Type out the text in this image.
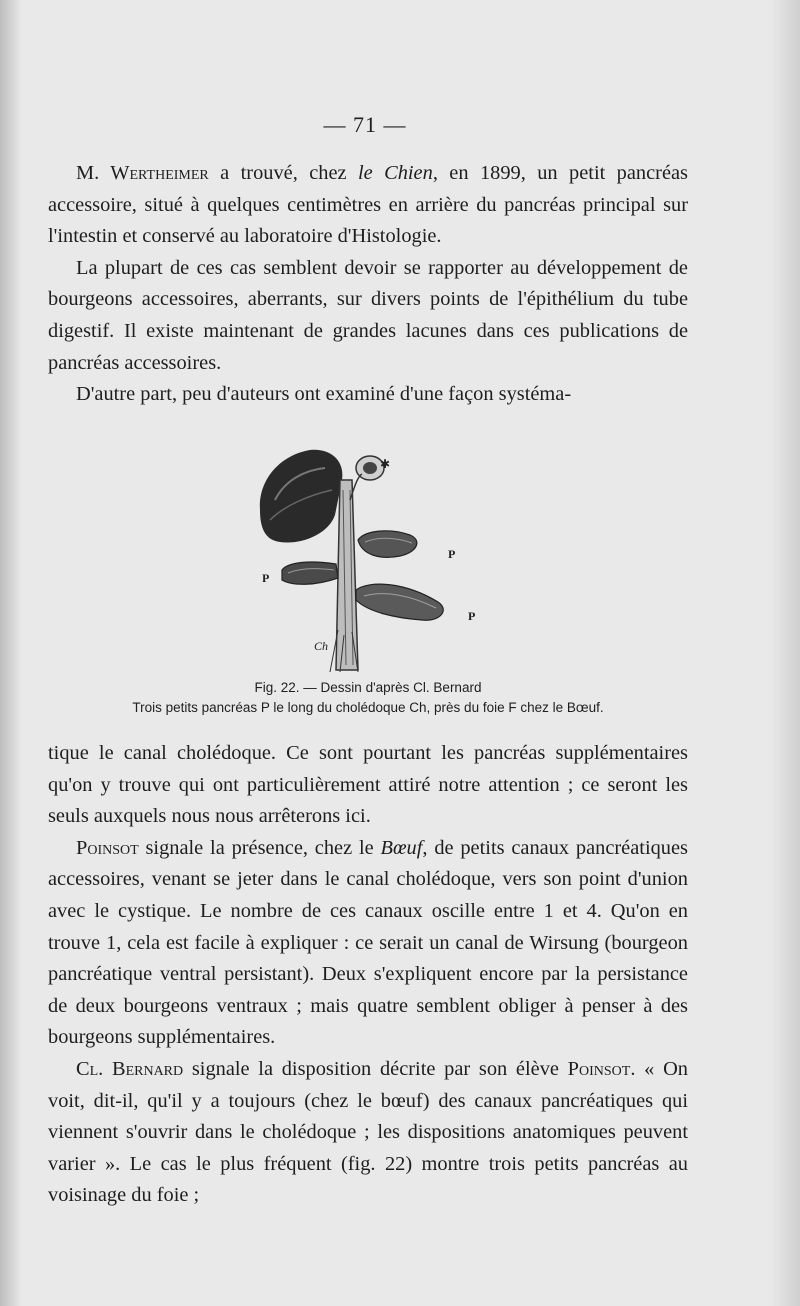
— 71 —

M. Wertheimer a trouvé, chez le Chien, en 1899, un petit pancréas accessoire, situé à quelques centimètres en arrière du pancréas principal sur l'intestin et conservé au laboratoire d'Histologie.

La plupart de ces cas semblent devoir se rapporter au développement de bourgeons accessoires, aberrants, sur divers points de l'épithélium du tube digestif. Il existe maintenant de grandes lacunes dans ces publications de pancréas accessoires.

D'autre part, peu d'auteurs ont examiné d'une façon systéma-

✱
P
P
P
Ch
Fig. 22. — Dessin d'après Cl. Bernard
Trois petits pancréas P le long du cholédoque Ch, près du foie F chez le Bœuf.

tique le canal cholédoque. Ce sont pourtant les pancréas supplémentaires qu'on y trouve qui ont particulièrement attiré notre attention ; ce seront les seuls auxquels nous nous arrêterons ici.

Poinsot signale la présence, chez le Bœuf, de petits canaux pancréatiques accessoires, venant se jeter dans le canal cholédoque, vers son point d'union avec le cystique. Le nombre de ces canaux oscille entre 1 et 4. Qu'on en trouve 1, cela est facile à expliquer : ce serait un canal de Wirsung (bourgeon pancréatique ventral persistant). Deux s'expliquent encore par la persistance de deux bourgeons ventraux ; mais quatre semblent obliger à penser à des bourgeons supplémentaires.

Cl. Bernard signale la disposition décrite par son élève Poinsot. « On voit, dit-il, qu'il y a toujours (chez le bœuf) des canaux pancréatiques qui viennent s'ouvrir dans le cholédoque ; les dispositions anatomiques peuvent varier ». Le cas le plus fréquent (fig. 22) montre trois petits pancréas au voisinage du foie ;
